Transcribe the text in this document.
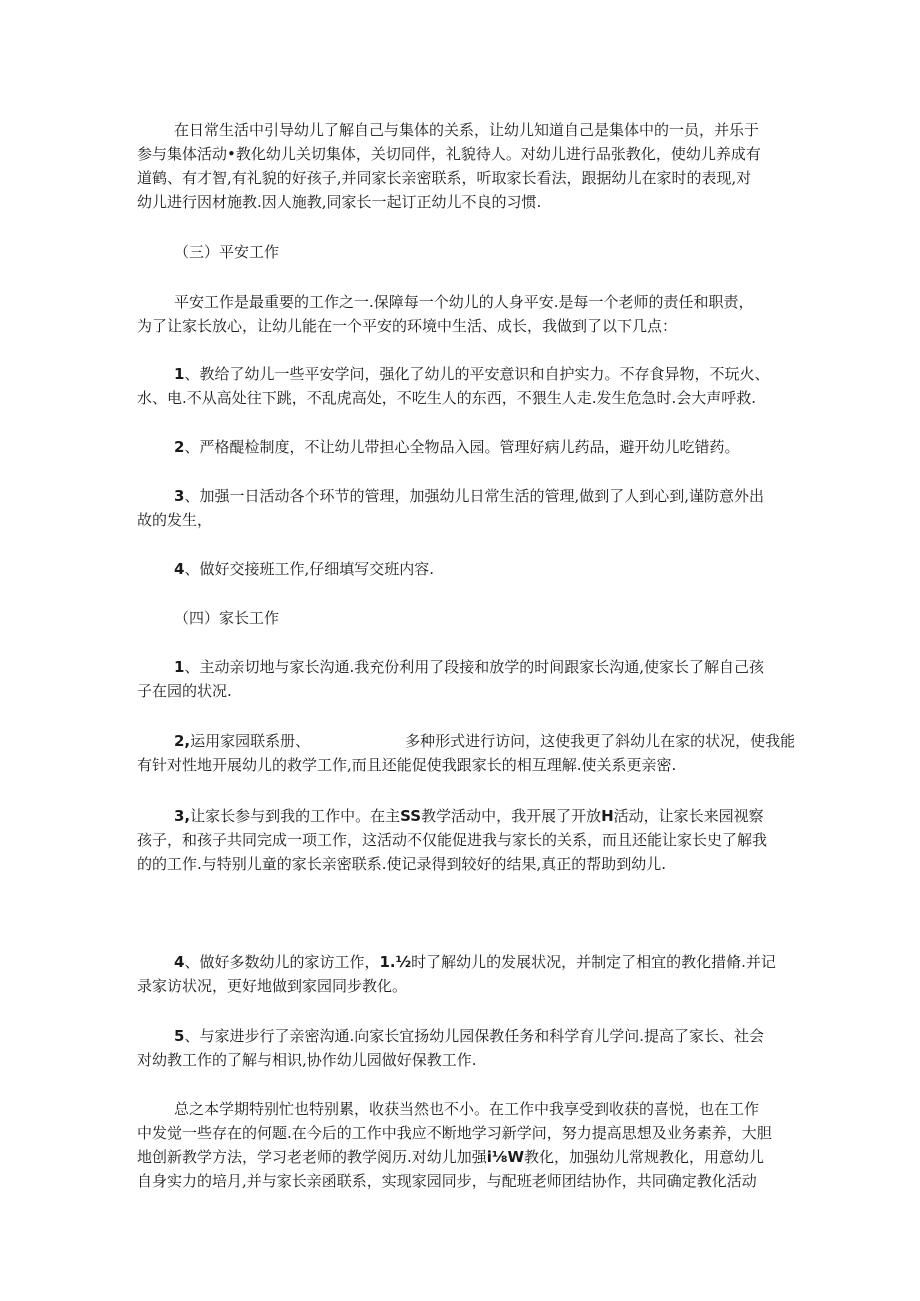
在日常生活中引导幼儿了解自己与集体的关系，让幼儿知道自己是集体中的一员，并乐于
参与集体活动•教化幼儿关切集体，关切同伴，礼貌待人。对幼儿进行品张教化，使幼儿养成有
道鹤、有才智,有礼貌的好孩子,并同家长亲密联系，听取家长看法，跟据幼儿在家时的表现,对
幼儿进行因材施教.因人施教,同家长一起订正幼儿不良的习惯.

（三）平安工作

平安工作是最重要的工作之一.保障每一个幼儿的人身平安.是每一个老师的责任和职责，
为了让家长放心，让幼儿能在一个平安的环境中生活、成长，我做到了以下几点：

1、教给了幼儿一些平安学问，强化了幼儿的平安意识和自护实力。不存食异物，不玩火、
水、电.不从高处往下跳，不乱虎高处，不吃生人的东西，不猥生人走.发生危急时.会大声呼救.

2、严格醍检制度，不让幼儿带担心全物品入园。管理好病儿药品，避开幼儿吃错药。

3、加强一日活动各个环节的管理，加强幼儿日常生活的管理,做到了人到心到,谨防意外出
故的发生，

4、做好交接班工作,仔细填写交班内容.

（四）家长工作

1、主动亲切地与家长沟通.我充份利用了段接和放学的时间跟家长沟通,使家长了解自己孩
子在园的状况.

2,运用家园联系册、	多种形式进行访问，这使我更了斜幼儿在家的状况，使我能
有针对性地开展幼儿的救学工作,而且还能促使我跟家长的相互理解.使关系更亲密.

3,让家长参与到我的工作中。在主SS教学活动中，我开展了开放H活动，让家长来园视察
孩子，和孩子共同完成一项工作，这活动不仅能促进我与家长的关系，而且还能让家长史了解我
的的工作.与特别儿童的家长亲密联系.使记录得到较好的结果,真正的帮助到幼儿.

4、做好多数幼儿的家访工作，1.½时了解幼儿的发展状况，并制定了相宜的教化措脩.并记
录家访状况，更好地做到家园同步教化。

5、与家进步行了亲密沟通.向家长宜扬幼儿园保教任务和科学育儿学问.提高了家长、社会
对幼教工作的了解与相识,协作幼儿园做好保教工作.

总之本学期特别忙也特别累，收获当然也不小。在工作中我享受到收获的喜悦，也在工作
中发觉一些存在的何题.在今后的工作中我应不断地学习新学问，努力提高思想及业务素养，大胆
地创新教学方法，学习老老师的教学阅历.对幼儿加强i⅛W教化，加强幼儿常规教化，用意幼儿
自身实力的培月,并与家长亲函联系，实现家园同步，与配班老师团结协作，共同确定教化活动
